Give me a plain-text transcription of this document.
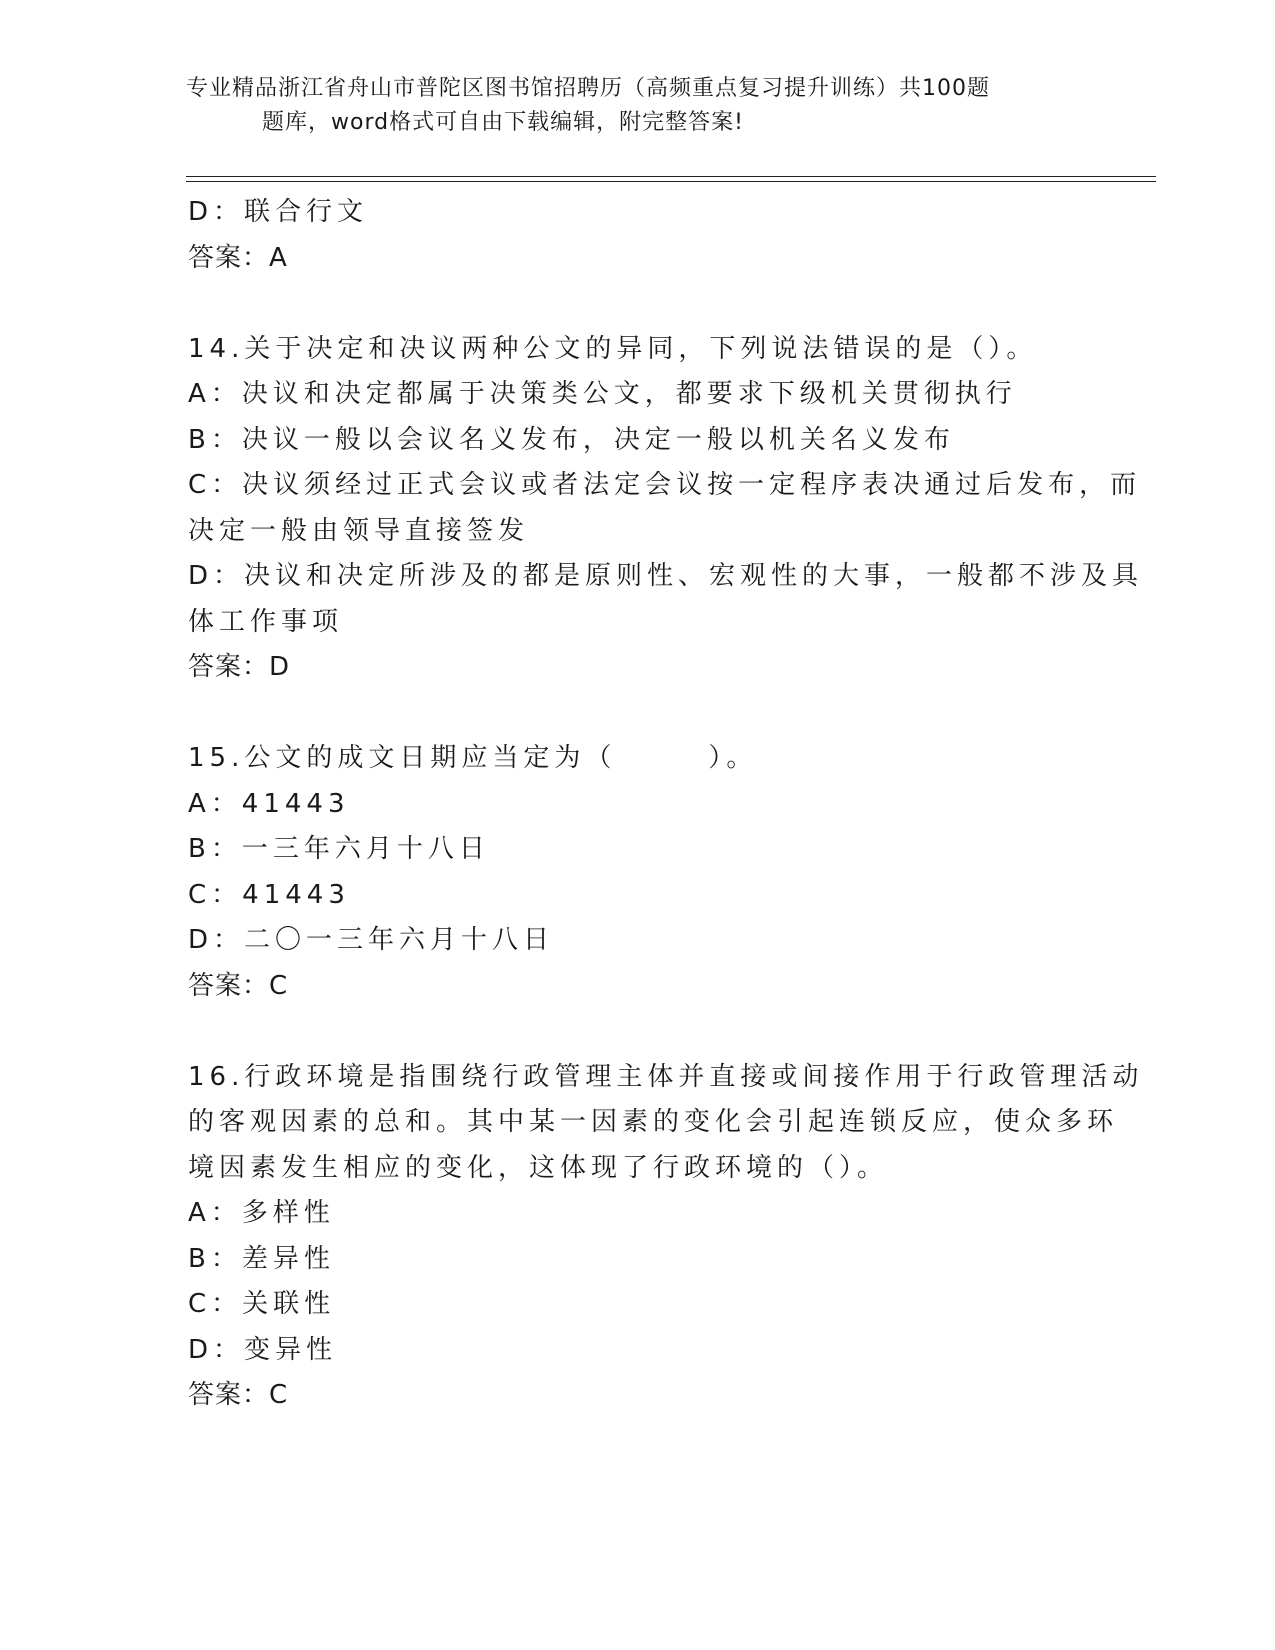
专业精品浙江省舟山市普陀区图书馆招聘历（高频重点复习提升训练）共100题
题库，word格式可自由下载编辑，附完整答案!
D：联合行文
答案：A
14.关于决定和决议两种公文的异同，下列说法错误的是（）。
A：决议和决定都属于决策类公文，都要求下级机关贯彻执行
B：决议一般以会议名义发布，决定一般以机关名义发布
C：决议须经过正式会议或者法定会议按一定程序表决通过后发布，而
决定一般由领导直接签发
D：决议和决定所涉及的都是原则性、宏观性的大事，一般都不涉及具
体工作事项
答案：D
15.公文的成文日期应当定为（	）。
A：41443
B：一三年六月十八日
C：41443
D：二〇一三年六月十八日
答案：C
16.行政环境是指围绕行政管理主体并直接或间接作用于行政管理活动
的客观因素的总和。其中某一因素的变化会引起连锁反应，使众多环
境因素发生相应的变化，这体现了行政环境的（）。
A：多样性
B：差异性
C：关联性
D：变异性
答案：C
